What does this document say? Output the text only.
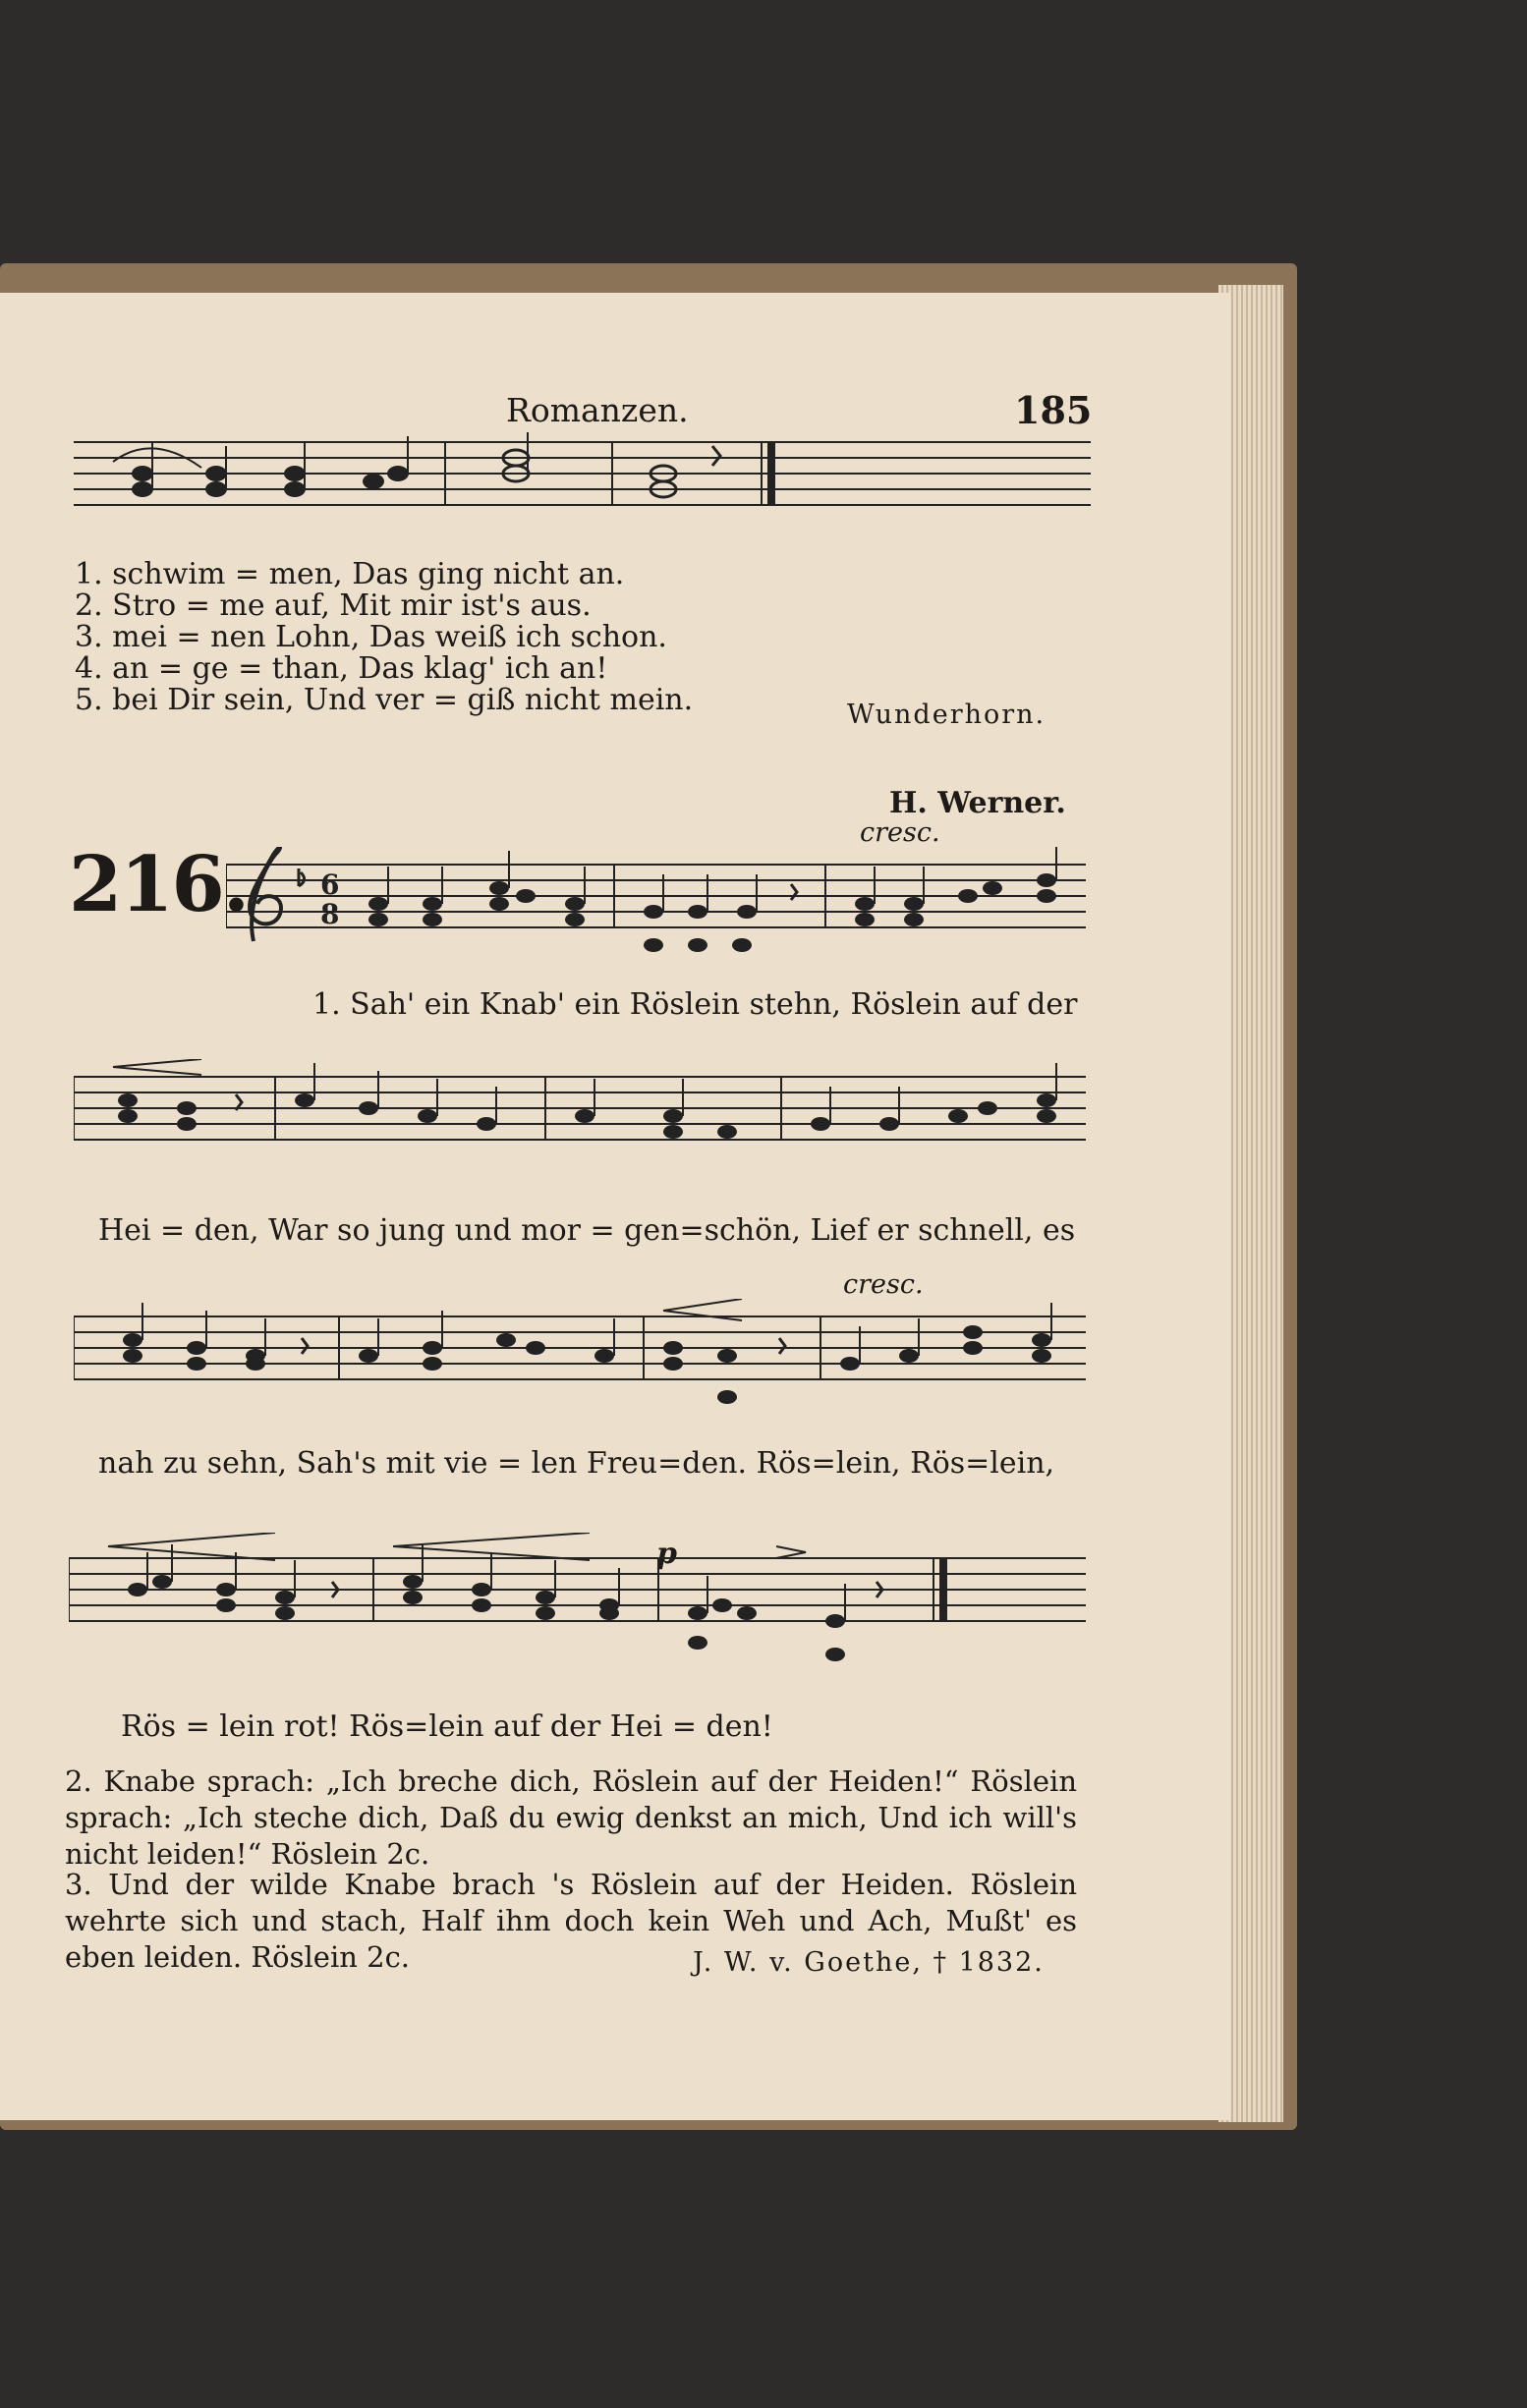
Romanzen.	185
1. schwim = men, Das ging nicht an.
2. Stro = me auf, Mit mir ist's aus.
3. mei = nen Lohn, Das weiß ich schon.
4. an = ge = than, Das klag' ich an!
5. bei Dir sein, Und ver = giß nicht mein.	Wunderhorn.
216.
H. Werner.
cresc.
6
8
1. Sah' ein Knab' ein Röslein stehn, Röslein auf der
Hei = den, War so jung und mor = gen=schön, Lief er schnell, es
cresc.
nah zu sehn, Sah's mit vie = len Freu=den. Rös=lein, Rös=lein,
p
Rös = lein rot! Rös=lein auf der Hei = den!
2. Knabe sprach: „Ich breche dich, Röslein auf der Heiden!“ Röslein sprach: „Ich steche dich, Daß du ewig denkst an mich, Und ich will's nicht leiden!“ Röslein 2c.
3. Und der wilde Knabe brach 's Röslein auf der Heiden. Röslein wehrte sich und stach, Half ihm doch kein Weh und Ach, Mußt' es eben leiden. Röslein 2c.	J. W. v. Goethe, † 1832.
